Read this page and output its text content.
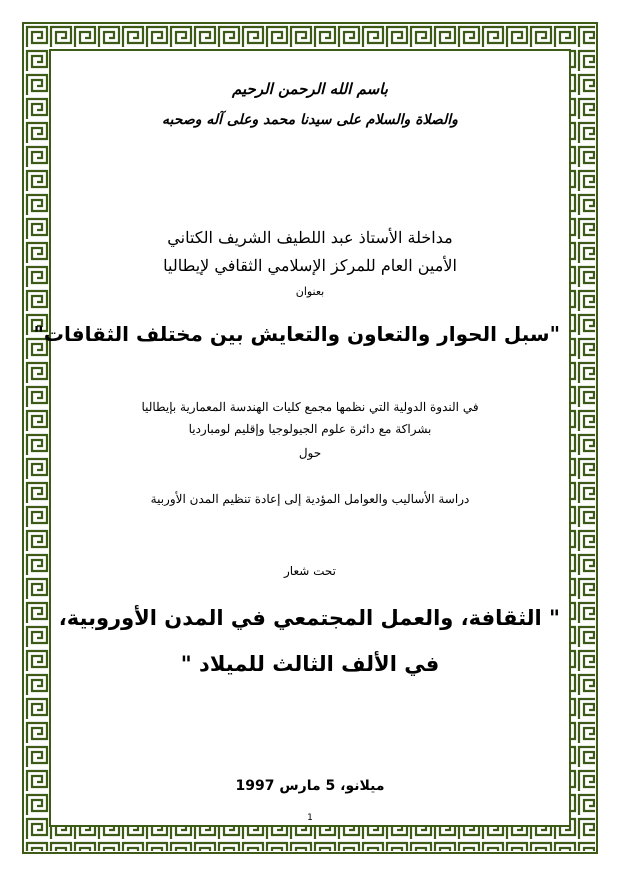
باسم الله الرحمن الرحيم
والصلاة والسلام على سيدنا محمد وعلى آله وصحبه
مداخلة الأستاذ عبد اللطيف الشريف الكتاني
الأمين العام للمركز الإسلامي الثقافي لإيطاليا
بعنوان
"سبل الحوار والتعاون والتعايش بين مختلف الثقافات"
في الندوة الدولية التي نظمها مجمع كليات الهندسة المعمارية بإيطاليا
بشراكة مع دائرة علوم الجيولوجيا وإقليم لومبارديا
حول
دراسة الأساليب والعوامل المؤدية إلى إعادة تنظيم المدن الأوربية
تحت شعار
" الثقافة، والعمل المجتمعي في المدن الأوروبية،
في الألف الثالث للميلاد "
ميلانو، 5 مارس 1997
1
